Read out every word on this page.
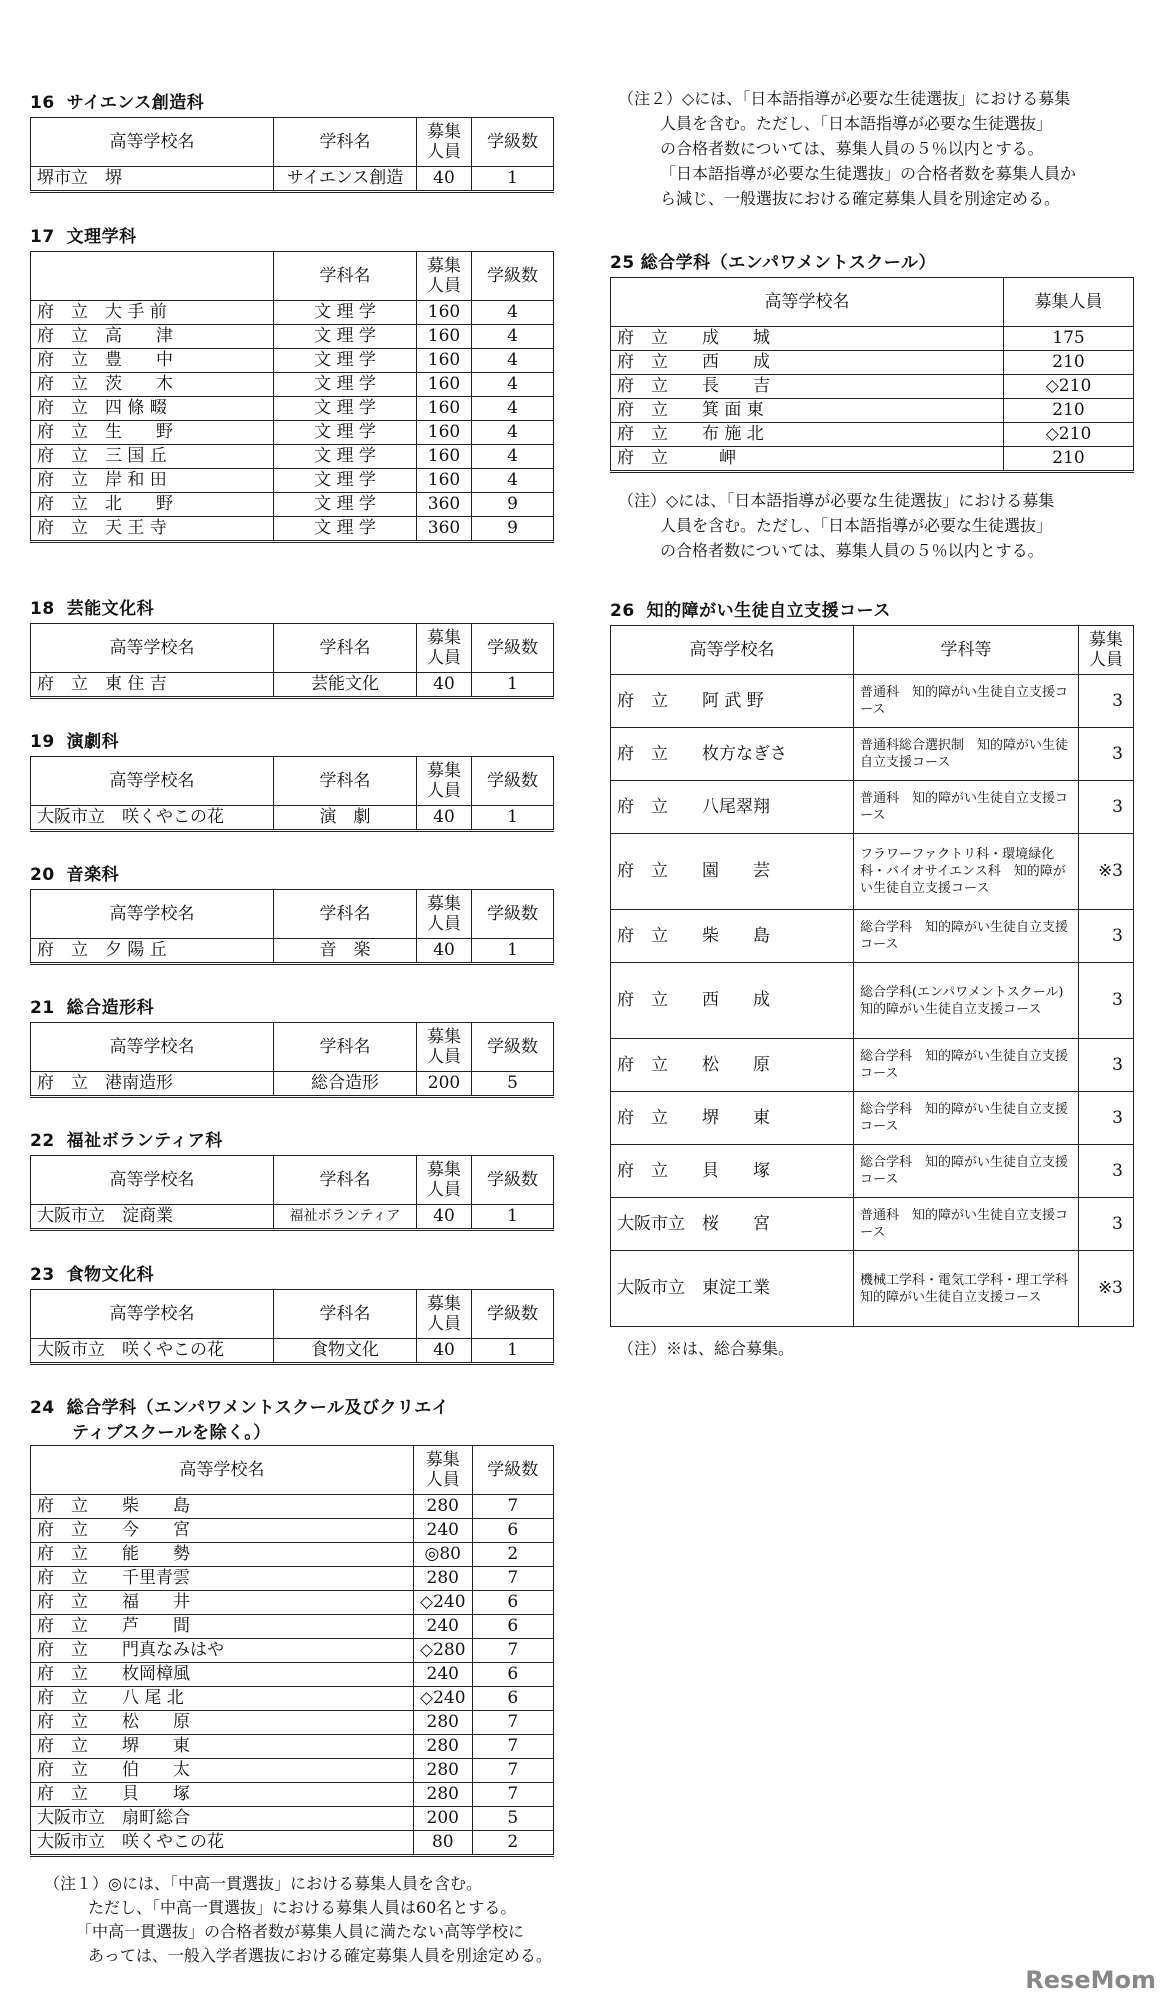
16 サイエンス創造科
高等学校名	学科名	募集人員	学級数
堺市立　堺	サイエンス創造	40	1
17 文理学科
	学科名	募集人員	学級数
府　立　大 手 前	文 理 学	160	4
府　立　高　　津	文 理 学	160	4
府　立　豊　　中	文 理 学	160	4
府　立　茨　　木	文 理 学	160	4
府　立　四 條 畷	文 理 学	160	4
府　立　生　　野	文 理 学	160	4
府　立　三 国 丘	文 理 学	160	4
府　立　岸 和 田	文 理 学	160	4
府　立　北　　野	文 理 学	360	9
府　立　天 王 寺	文 理 学	360	9
18 芸能文化科
高等学校名	学科名	募集人員	学級数
府　立　東 住 吉	芸能文化	40	1
19 演劇科
高等学校名	学科名	募集人員	学級数
大阪市立　咲くやこの花	演　劇	40	1
20 音楽科
高等学校名	学科名	募集人員	学級数
府　立　夕 陽 丘	音　楽	40	1
21 総合造形科
高等学校名	学科名	募集人員	学級数
府　立　港南造形	総合造形	200	5
22 福祉ボランティア科
高等学校名	学科名	募集人員	学級数
大阪市立　淀商業	福祉ボランティア	40	1
23 食物文化科
高等学校名	学科名	募集人員	学級数
大阪市立　咲くやこの花	食物文化	40	1
24 総合学科（エンパワメントスクール及びクリエイ
ティブスクールを除く。）
高等学校名	募集人員	学級数
府　立　　柴　　島	280	7
府　立　　今　　宮	240	6
府　立　　能　　勢	◎80	2
府　立　　千里青雲	280	7
府　立　　福　　井	◇240	6
府　立　　芦　　間	240	6
府　立　　門真なみはや	◇280	7
府　立　　枚岡樟風	240	6
府　立　　八 尾 北	◇240	6
府　立　　松　　原	280	7
府　立　　堺　　東	280	7
府　立　　伯　　太	280	7
府　立　　貝　　塚	280	7
大阪市立　扇町総合	200	5
大阪市立　咲くやこの花	80	2
（注１）◎には、「中高一貫選抜」における募集人員を含む。
ただし、「中高一貫選抜」における募集人員は60名とする。
「中高一貫選抜」の合格者数が募集人員に満たない高等学校に
あっては、一般入学者選抜における確定募集人員を別途定める。
（注２）◇には、「日本語指導が必要な生徒選抜」における募集
人員を含む。ただし、「日本語指導が必要な生徒選抜」
の合格者数については、募集人員の５％以内とする。
「日本語指導が必要な生徒選抜」の合格者数を募集人員か
ら減じ、一般選抜における確定募集人員を別途定める。
25 総合学科（エンパワメントスクール）
高等学校名	募集人員
府　立　　成　　城	175
府　立　　西　　成	210
府　立　　長　　吉	◇210
府　立　　箕 面 東	210
府　立　　布 施 北	◇210
府　立　　　岬	210
（注）◇には、「日本語指導が必要な生徒選抜」における募集
人員を含む。ただし、「日本語指導が必要な生徒選抜」
の合格者数については、募集人員の５％以内とする。
26 知的障がい生徒自立支援コース
高等学校名	学科等	募集人員
府　立　　阿 武 野	普通科　知的障がい生徒自立支援コース	3
府　立　　枚方なぎさ	普通科総合選択制　知的障がい生徒自立支援コース	3
府　立　　八尾翠翔	普通科　知的障がい生徒自立支援コース	3
府　立　　園　　芸	フラワーファクトリ科・環境緑化科・バイオサイエンス科　知的障がい生徒自立支援コース	※3
府　立　　柴　　島	総合学科　知的障がい生徒自立支援コース	3
府　立　　西　　成	総合学科(エンパワメントスクール)　知的障がい生徒自立支援コース	3
府　立　　松　　原	総合学科　知的障がい生徒自立支援コース	3
府　立　　堺　　東	総合学科　知的障がい生徒自立支援コース	3
府　立　　貝　　塚	総合学科　知的障がい生徒自立支援コース	3
大阪市立　桜　　宮	普通科　知的障がい生徒自立支援コース	3
大阪市立　東淀工業	機械工学科・電気工学科・理工学科　知的障がい生徒自立支援コース	※3
（注）※は、総合募集。
ReseMom
